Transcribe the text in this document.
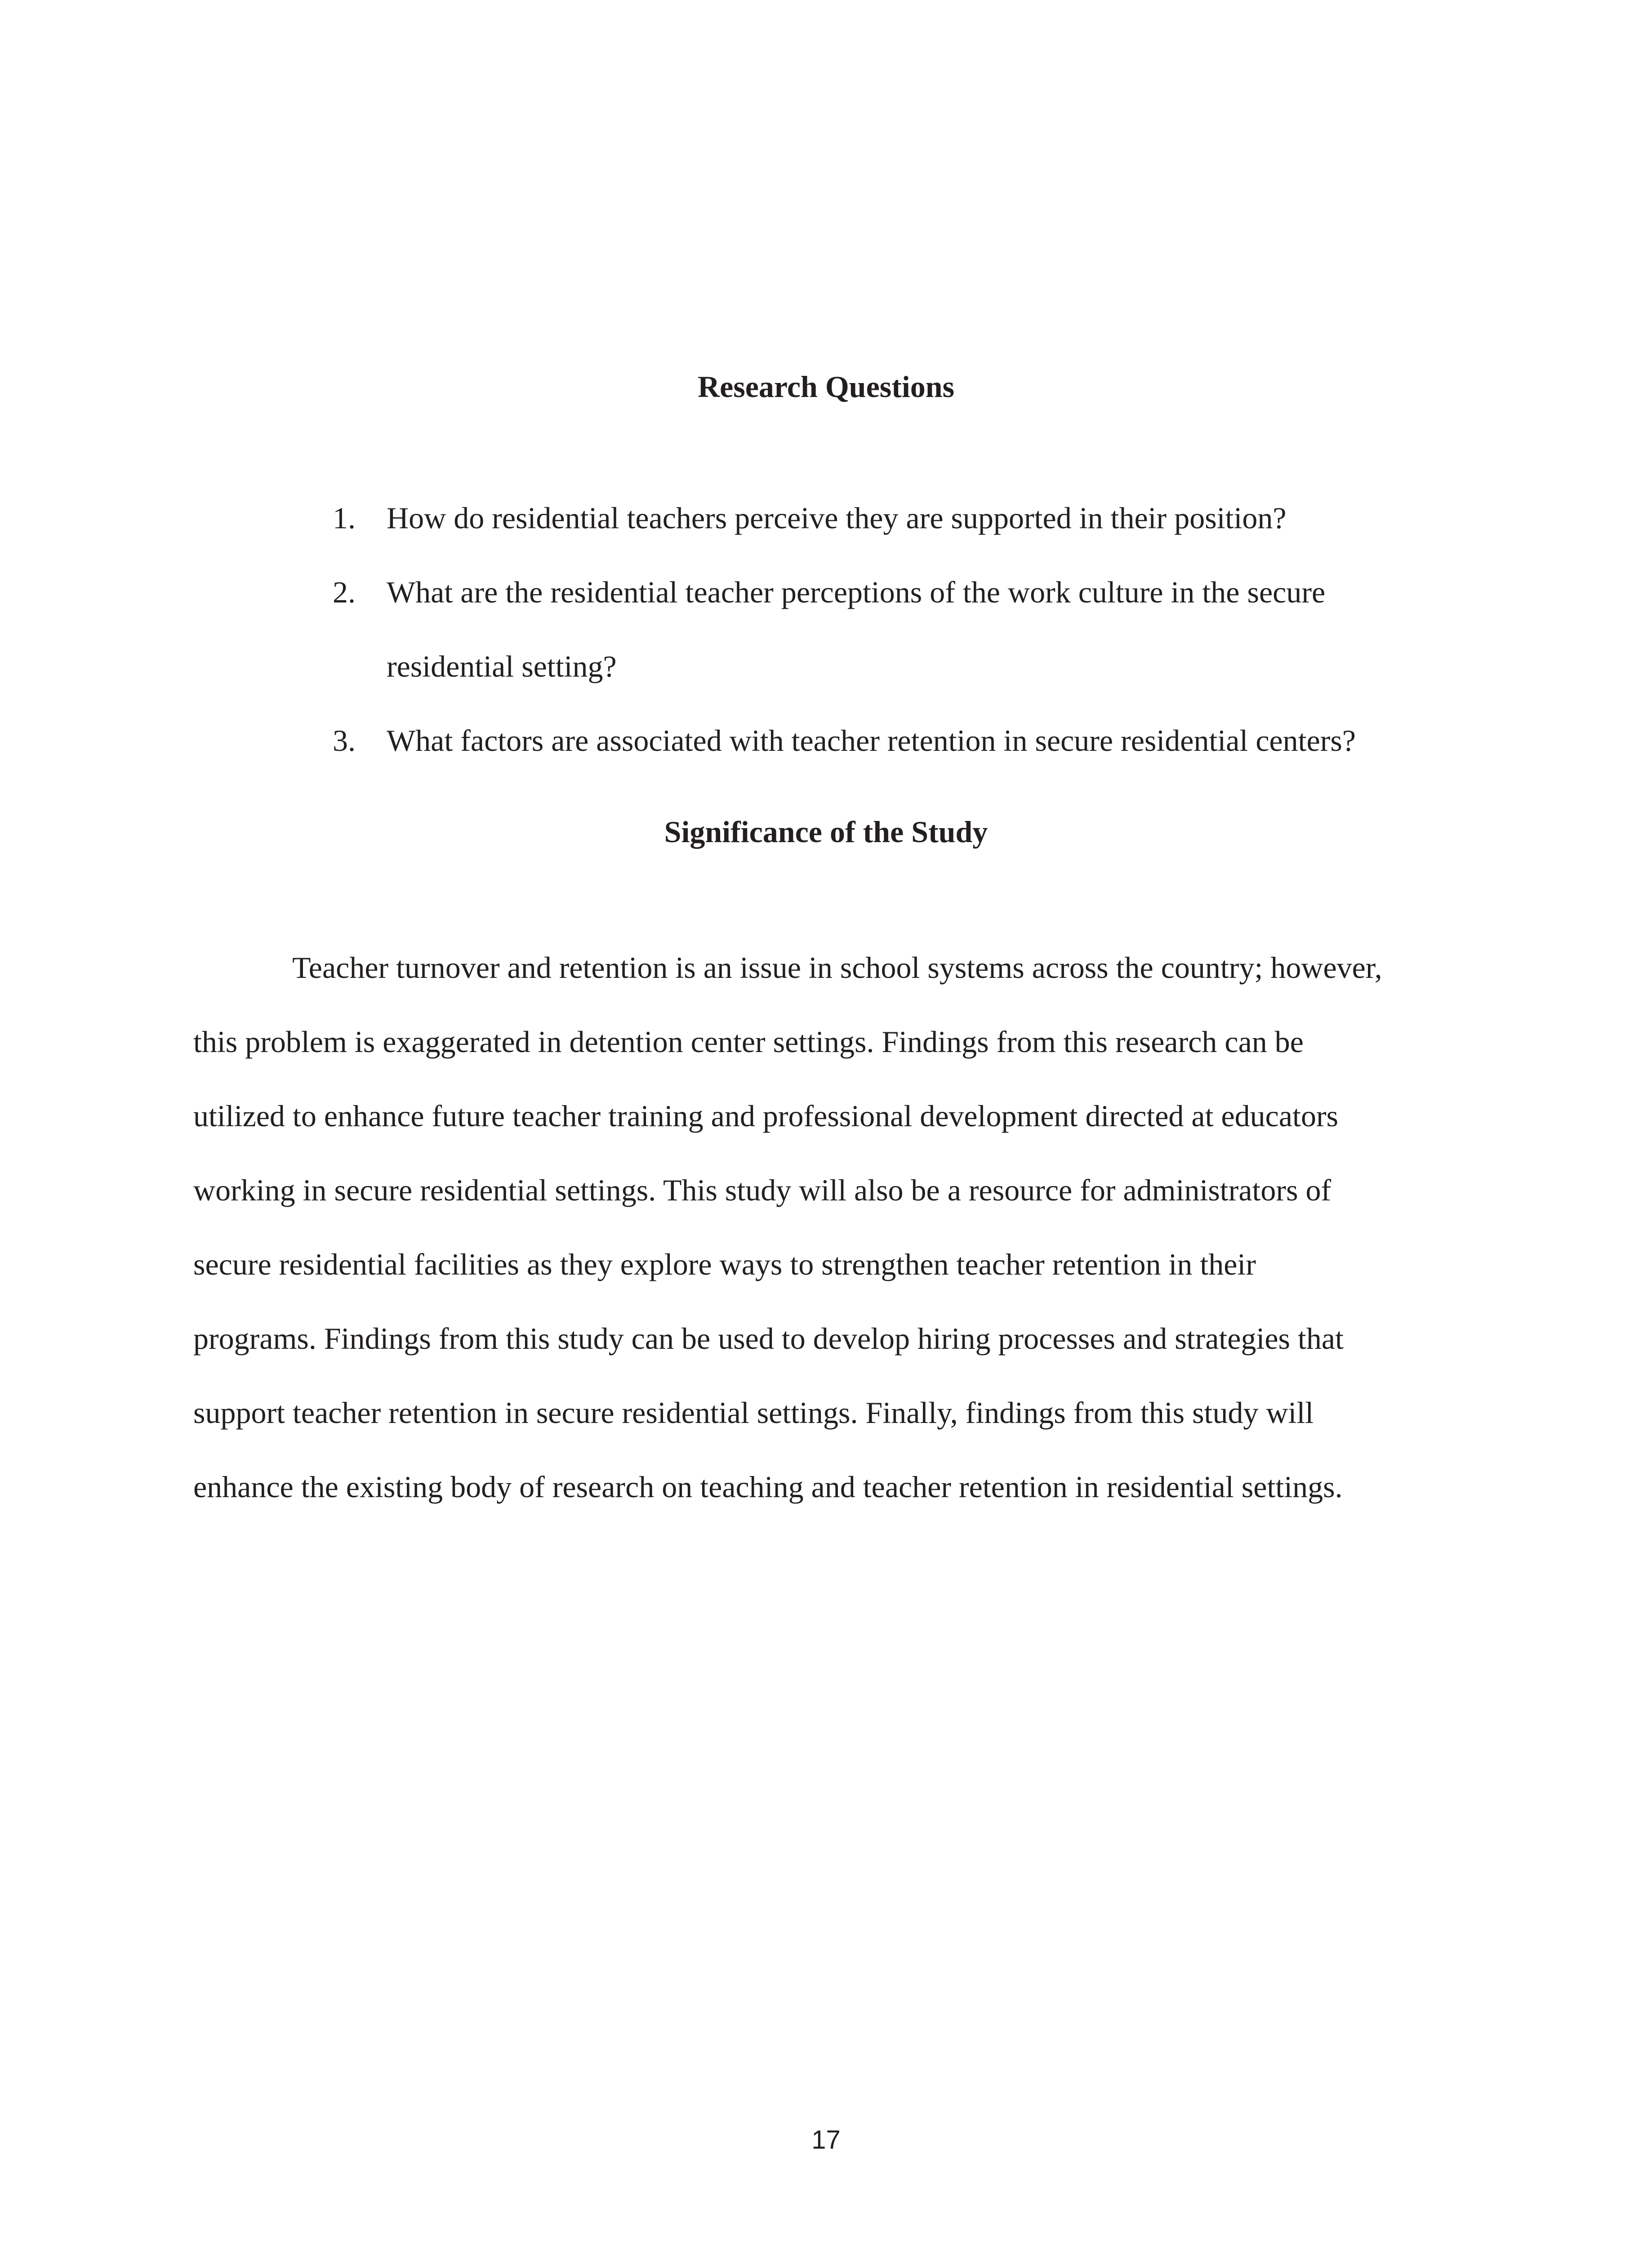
Research Questions
1. How do residential teachers perceive they are supported in their position?
2. What are the residential teacher perceptions of the work culture in the secure
residential setting?
3. What factors are associated with teacher retention in secure residential centers?
Significance of the Study

Teacher turnover and retention is an issue in school systems across the country; however,
this problem is exaggerated in detention center settings. Findings from this research can be
utilized to enhance future teacher training and professional development directed at educators
working in secure residential settings. This study will also be a resource for administrators of
secure residential facilities as they explore ways to strengthen teacher retention in their
programs. Findings from this study can be used to develop hiring processes and strategies that
support teacher retention in secure residential settings. Finally, findings from this study will
enhance the existing body of research on teaching and teacher retention in residential settings.

17
